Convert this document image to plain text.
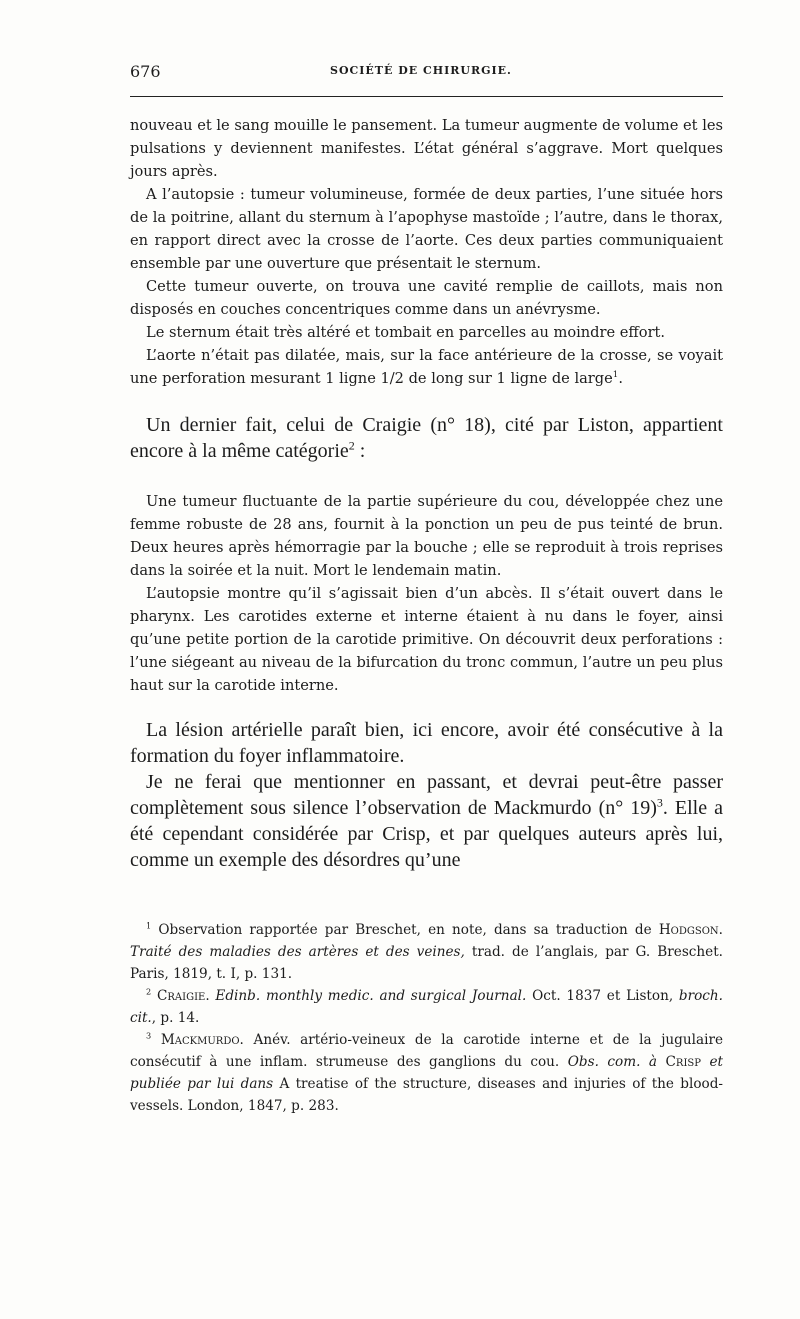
676	SOCIÉTÉ DE CHIRURGIE.

nouveau et le sang mouille le pansement. La tumeur augmente de volume et les pulsations y deviennent manifestes. L’état général s’aggrave. Mort quelques jours après.

A l’autopsie : tumeur volumineuse, formée de deux parties, l’une située hors de la poitrine, allant du sternum à l’apophyse mastoïde ; l’autre, dans le thorax, en rapport direct avec la crosse de l’aorte. Ces deux parties communiquaient ensemble par une ouverture que présentait le sternum.

Cette tumeur ouverte, on trouva une cavité remplie de caillots, mais non disposés en couches concentriques comme dans un anévrysme.

Le sternum était très altéré et tombait en parcelles au moindre effort.

L’aorte n’était pas dilatée, mais, sur la face antérieure de la crosse, se voyait une perforation mesurant 1 ligne 1/2 de long sur 1 ligne de large$^1$.

Un dernier fait, celui de Craigie (n° 18), cité par Liston, appartient encore à la même catégorie$^2$ :

Une tumeur fluctuante de la partie supérieure du cou, développée chez une femme robuste de 28 ans, fournit à la ponction un peu de pus teinté de brun. Deux heures après hémorragie par la bouche ; elle se reproduit à trois reprises dans la soirée et la nuit. Mort le lendemain matin.

L’autopsie montre qu’il s’agissait bien d’un abcès. Il s’était ouvert dans le pharynx. Les carotides externe et interne étaient à nu dans le foyer, ainsi qu’une petite portion de la carotide primitive. On découvrit deux perforations : l’une siégeant au niveau de la bifurcation du tronc commun, l’autre un peu plus haut sur la carotide interne.

La lésion artérielle paraît bien, ici encore, avoir été consécutive à la formation du foyer inflammatoire.

Je ne ferai que mentionner en passant, et devrai peut-être passer complètement sous silence l’observation de Mackmurdo (n° 19)$^3$. Elle a été cependant considérée par Crisp, et par quelques auteurs après lui, comme un exemple des désordres qu’une

$^1$ Observation rapportée par Breschet, en note, dans sa traduction de Hodgson. Traité des maladies des artères et des veines, trad. de l’anglais, par G. Breschet. Paris, 1819, t. I, p. 131.

$^2$ Craigie. Edinb. monthly medic. and surgical Journal. Oct. 1837 et Liston, broch. cit., p. 14.

$^3$ Mackmurdo. Anév. artério-veineux de la carotide interne et de la jugulaire consécutif à une inflam. strumeuse des ganglions du cou. Obs. com. à Crisp et publiée par lui dans A treatise of the structure, diseases and injuries of the blood-vessels. London, 1847, p. 283.
